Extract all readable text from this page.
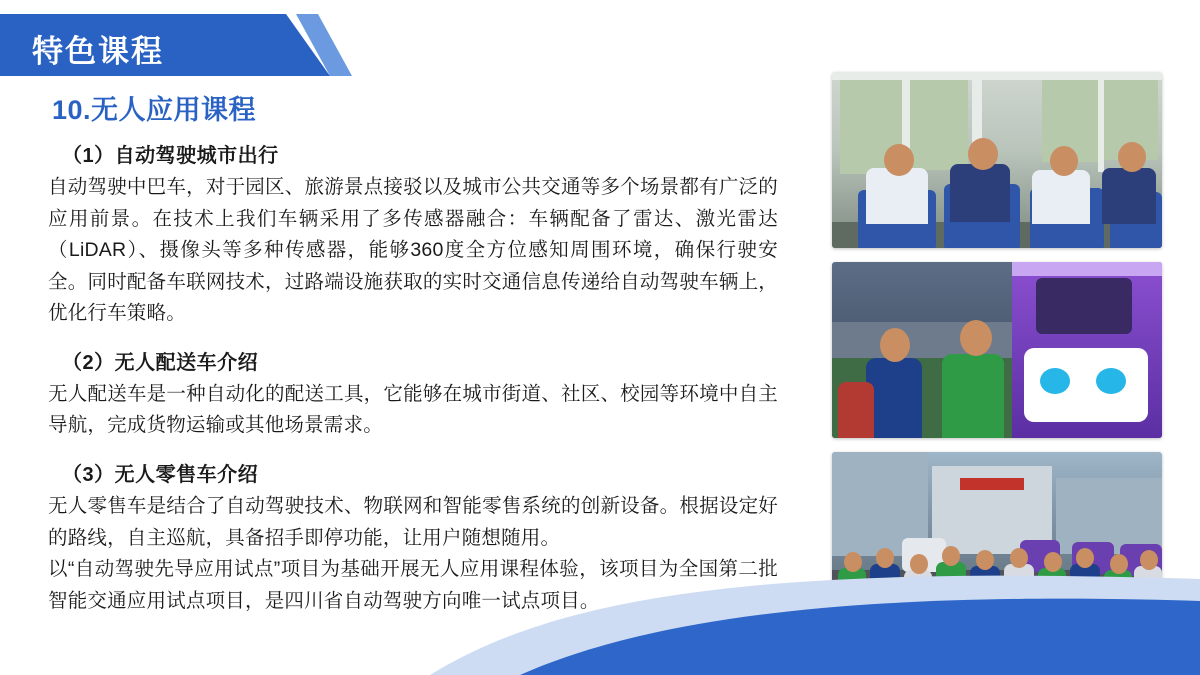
特色课程
10.无人应用课程
（1）自动驾驶城市出行
自动驾驶中巴车，对于园区、旅游景点接驳以及城市公共交通等多个场景都有广泛的应用前景。在技术上我们车辆采用了多传感器融合：车辆配备了雷达、激光雷达（LiDAR）、摄像头等多种传感器，能够360度全方位感知周围环境，确保行驶安全。同时配备车联网技术，过路端设施获取的实时交通信息传递给自动驾驶车辆上，优化行车策略。
（2）无人配送车介绍
无人配送车是一种自动化的配送工具，它能够在城市街道、社区、校园等环境中自主导航，完成货物运输或其他场景需求。
（3）无人零售车介绍
无人零售车是结合了自动驾驶技术、物联网和智能零售系统的创新设备。根据设定好的路线，自主巡航，具备招手即停功能，让用户随想随用。
以“自动驾驶先导应用试点”项目为基础开展无人应用课程体验，该项目为全国第二批智能交通应用试点项目，是四川省自动驾驶方向唯一试点项目。
